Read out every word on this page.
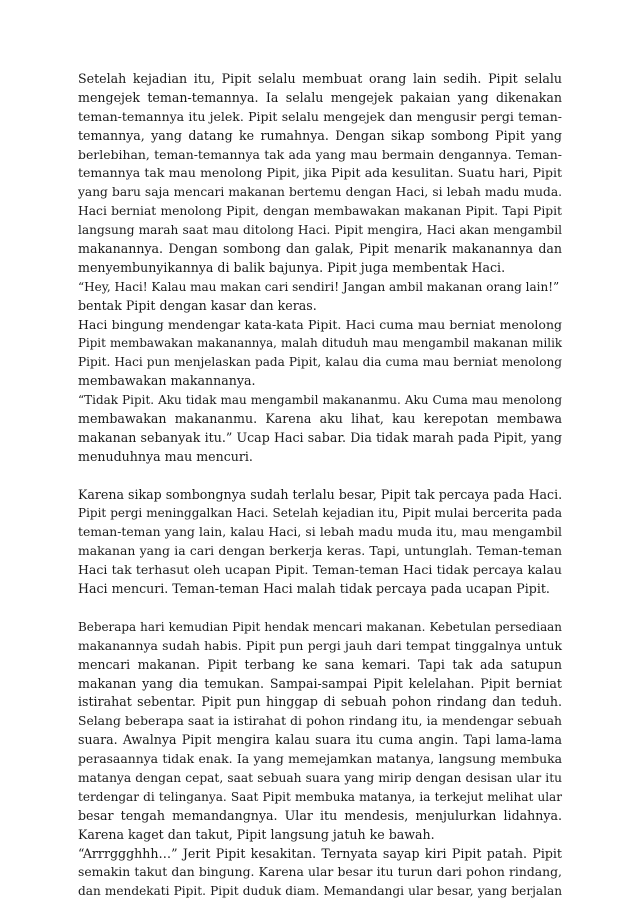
Setelah kejadian itu, Pipit selalu membuat orang lain sedih. Pipit selalu
mengejek teman-temannya. Ia selalu mengejek pakaian yang dikenakan
teman-temannya itu jelek. Pipit selalu mengejek dan mengusir pergi teman-
temannya, yang datang ke rumahnya. Dengan sikap sombong Pipit yang
berlebihan, teman-temannya tak ada yang mau bermain dengannya. Teman-
temannya tak mau menolong Pipit, jika Pipit ada kesulitan. Suatu hari, Pipit
yang baru saja mencari makanan bertemu dengan Haci, si lebah madu muda.
Haci berniat menolong Pipit, dengan membawakan makanan Pipit. Tapi Pipit
langsung marah saat mau ditolong Haci. Pipit mengira, Haci akan mengambil
makanannya. Dengan sombong dan galak, Pipit menarik makanannya dan
menyembunyikannya di balik bajunya. Pipit juga membentak Haci.
“Hey, Haci! Kalau mau makan cari sendiri! Jangan ambil makanan orang lain!”
bentak Pipit dengan kasar dan keras.
Haci bingung mendengar kata-kata Pipit. Haci cuma mau berniat menolong
Pipit membawakan makanannya, malah dituduh mau mengambil makanan milik
Pipit. Haci pun menjelaskan pada Pipit, kalau dia cuma mau berniat menolong
membawakan makannanya.
“Tidak Pipit. Aku tidak mau mengambil makananmu. Aku Cuma mau menolong
membawakan makananmu. Karena aku lihat, kau kerepotan membawa
makanan sebanyak itu.” Ucap Haci sabar. Dia tidak marah pada Pipit, yang
menuduhnya mau mencuri.
Karena sikap sombongnya sudah terlalu besar, Pipit tak percaya pada Haci.
Pipit pergi meninggalkan Haci. Setelah kejadian itu, Pipit mulai bercerita pada
teman-teman yang lain, kalau Haci, si lebah madu muda itu, mau mengambil
makanan yang ia cari dengan berkerja keras. Tapi, untunglah. Teman-teman
Haci tak terhasut oleh ucapan Pipit. Teman-teman Haci tidak percaya kalau
Haci mencuri. Teman-teman Haci malah tidak percaya pada ucapan Pipit.
Beberapa hari kemudian Pipit hendak mencari makanan. Kebetulan persediaan
makanannya sudah habis. Pipit pun pergi jauh dari tempat tinggalnya untuk
mencari makanan. Pipit terbang ke sana kemari. Tapi tak ada satupun
makanan yang dia temukan. Sampai-sampai Pipit kelelahan. Pipit berniat
istirahat sebentar. Pipit pun hinggap di sebuah pohon rindang dan teduh.
Selang beberapa saat ia istirahat di pohon rindang itu, ia mendengar sebuah
suara. Awalnya Pipit mengira kalau suara itu cuma angin. Tapi lama-lama
perasaannya tidak enak. Ia yang memejamkan matanya, langsung membuka
matanya dengan cepat, saat sebuah suara yang mirip dengan desisan ular itu
terdengar di telinganya. Saat Pipit membuka matanya, ia terkejut melihat ular
besar tengah memandangnya. Ular itu mendesis, menjulurkan lidahnya.
Karena kaget dan takut, Pipit langsung jatuh ke bawah.
“Arrrggghhh…” Jerit Pipit kesakitan. Ternyata sayap kiri Pipit patah. Pipit
semakin takut dan bingung. Karena ular besar itu turun dari pohon rindang,
dan mendekati Pipit. Pipit duduk diam. Memandangi ular besar, yang berjalan
